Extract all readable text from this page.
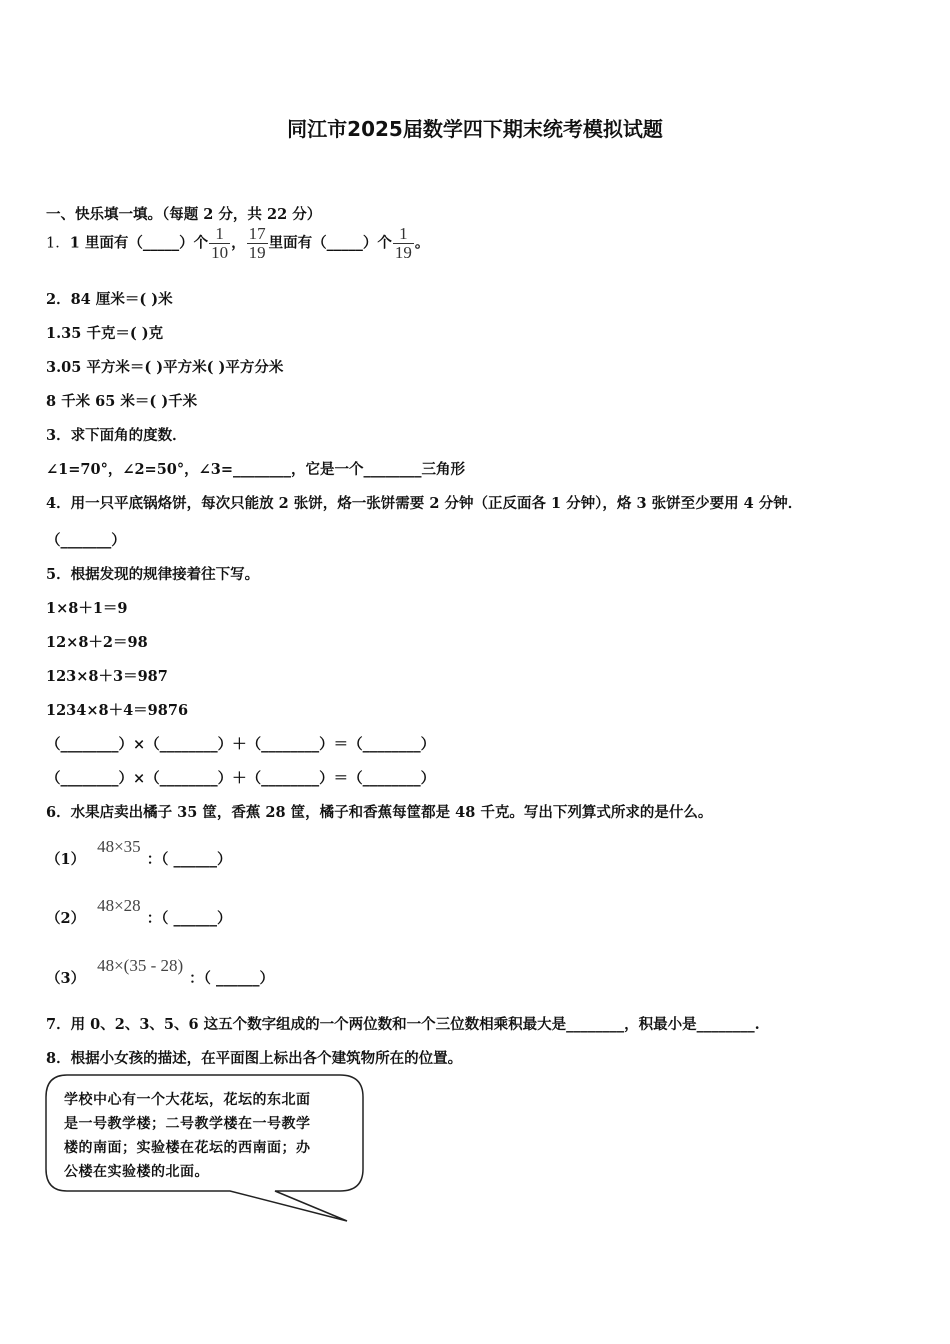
同江市2025届数学四下期末统考模拟试题
一、快乐填一填。（每题 2 分，共 22 分）
1．1 里面有（_____）个 $\frac{1}{10}$ ， $\frac{17}{19}$ 里面有（_____）个 $\frac{1}{19}$ 。
2．84 厘米＝( )米
1.35 千克＝( )克
3.05 平方米＝( )平方米( )平方分米
8 千米 65 米＝( )千米
3．求下面角的度数．
∠1=70°，∠2=50°，∠3=________，它是一个________三角形
4．用一只平底锅烙饼，每次只能放 2 张饼，烙一张饼需要 2 分钟（正反面各 1 分钟），烙 3 张饼至少要用 4 分钟．
（_______）
5．根据发现的规律接着往下写。
1×8＋1＝9
12×8＋2＝98
123×8＋3＝987
1234×8＋4＝9876
（________）×（________）＋（________）＝（________）
（________）×（________）＋（________）＝（________）
6．水果店卖出橘子 35 筐，香蕉 28 筐，橘子和香蕉每筐都是 48 千克。写出下列算式所求的是什么。
（1）48×35：（ ______）
（2）48×28：（ ______）
（3）48×(35 - 28)：（ ______）
7．用 0、2、3、5、6 这五个数字组成的一个两位数和一个三位数相乘积最大是________，积最小是________.
8．根据小女孩的描述，在平面图上标出各个建筑物所在的位置。
学校中心有一个大花坛，花坛的东北面
是一号教学楼；二号教学楼在一号教学
楼的南面；实验楼在花坛的西南面；办
公楼在实验楼的北面。
